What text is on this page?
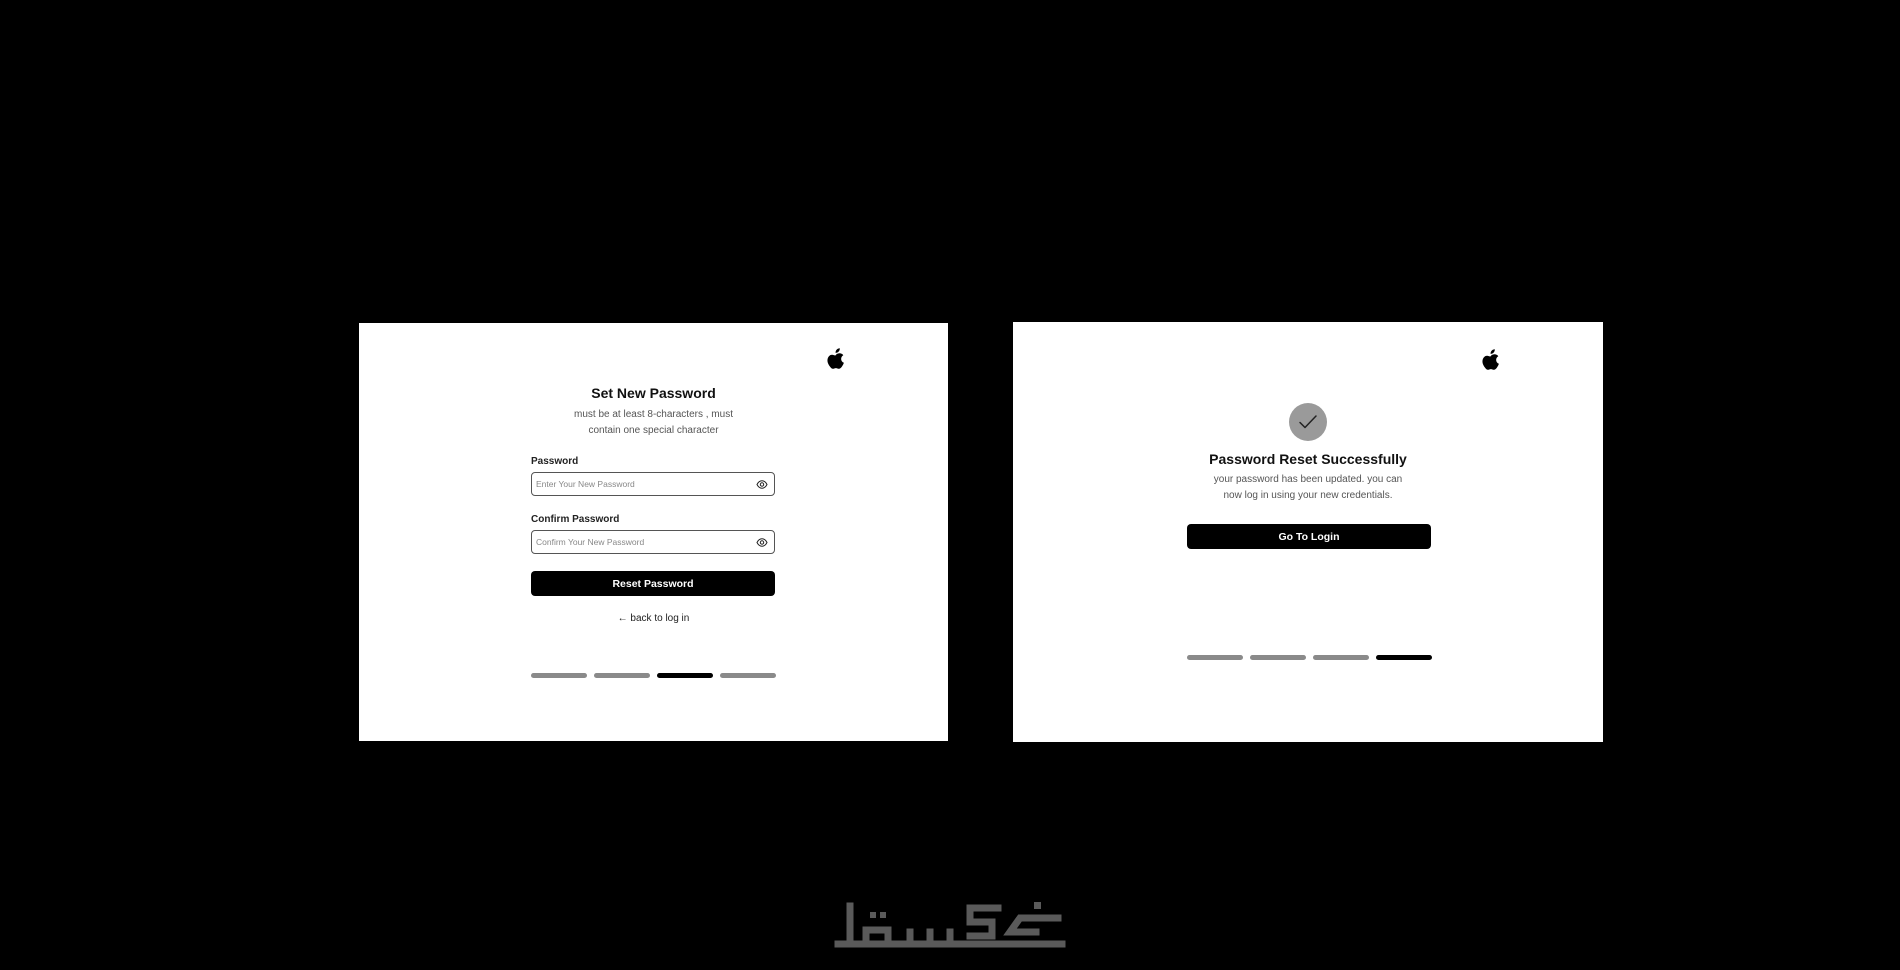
Set New Password
must be at least 8-characters , must
contain one special character
Password
Confirm Password
Reset Password
← back to log in
Password Reset Successfully
your password has been updated. you can
now log in using your new credentials.
Go To Login
